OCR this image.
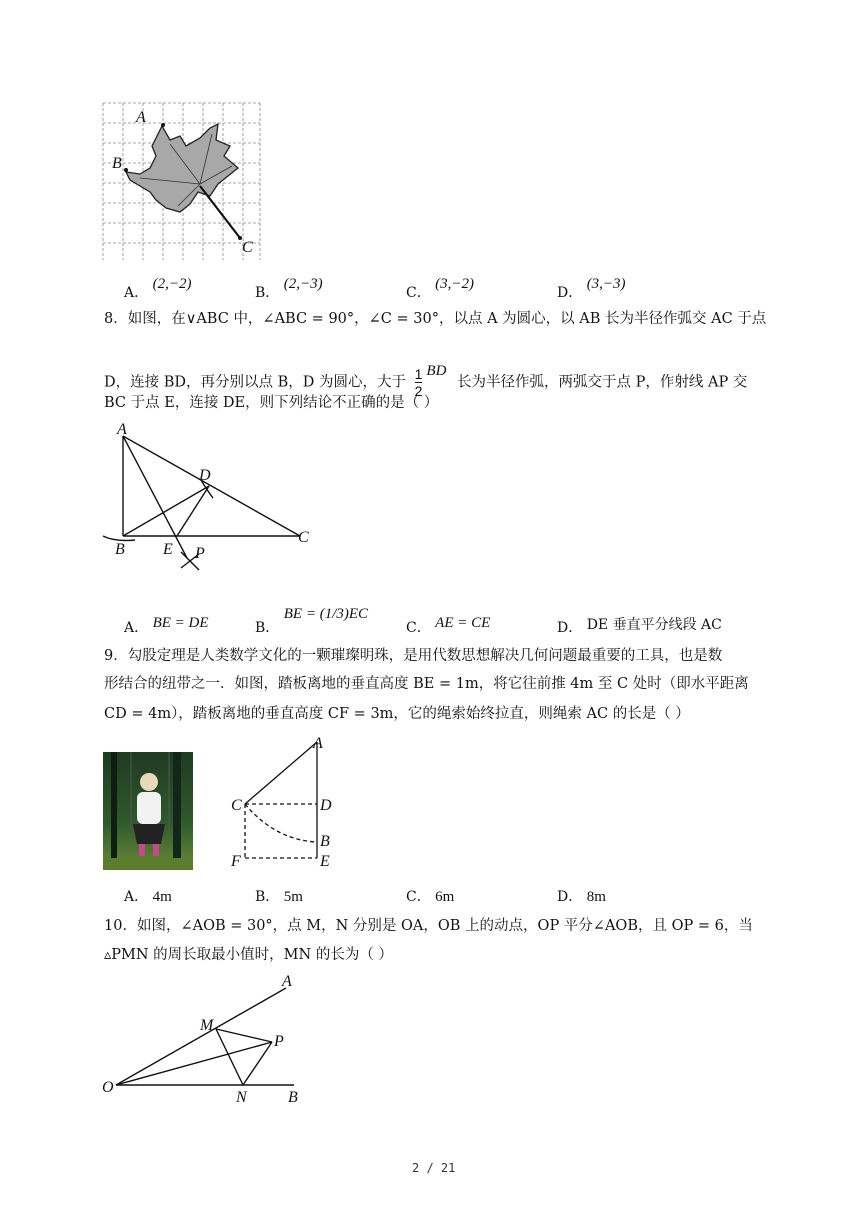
A
B
C
A． (2,−2)
B． (2,−3)
C． (3,−2)
D． (3,−3)
8．如图，在∨ABC 中，∠ABC = 90°，∠C = 30°，以点 A 为圆心，以 AB 长为半径作弧交 AC 于点
D，连接 BD，再分别以点 B，D 为圆心，大于 $\frac{1}{2}$ BD 长为半径作弧，两弧交于点 P，作射线 AP 交
BC 于点 E，连接 DE，则下列结论不正确的是（ ）
A
B
C
D
E P
A． BE = DE	B． BE = (1/3)EC
C． AE = CE	D． DE 垂直平分线段 AC
9．勾股定理是人类数学文化的一颗璀璨明珠，是用代数思想解决几何问题最重要的工具，也是数
形结合的纽带之一．如图，踏板离地的垂直高度 BE = 1m，将它往前推 4m 至 C 处时（即水平距离
CD = 4m），踏板离地的垂直高度 CF = 3m，它的绳索始终拉直，则绳索 AC 的长是（ ）
A
C	D
B
F	E
A． 4m	B． 5m	C． 6m	D． 8m
10．如图，∠AOB = 30°，点 M，N 分别是 OA，OB 上的动点，OP 平分∠AOB，且 OP = 6，当
▵PMN 的周长取最小值时，MN 的长为（ ）
A
M
P
O
N	B
2 / 21
